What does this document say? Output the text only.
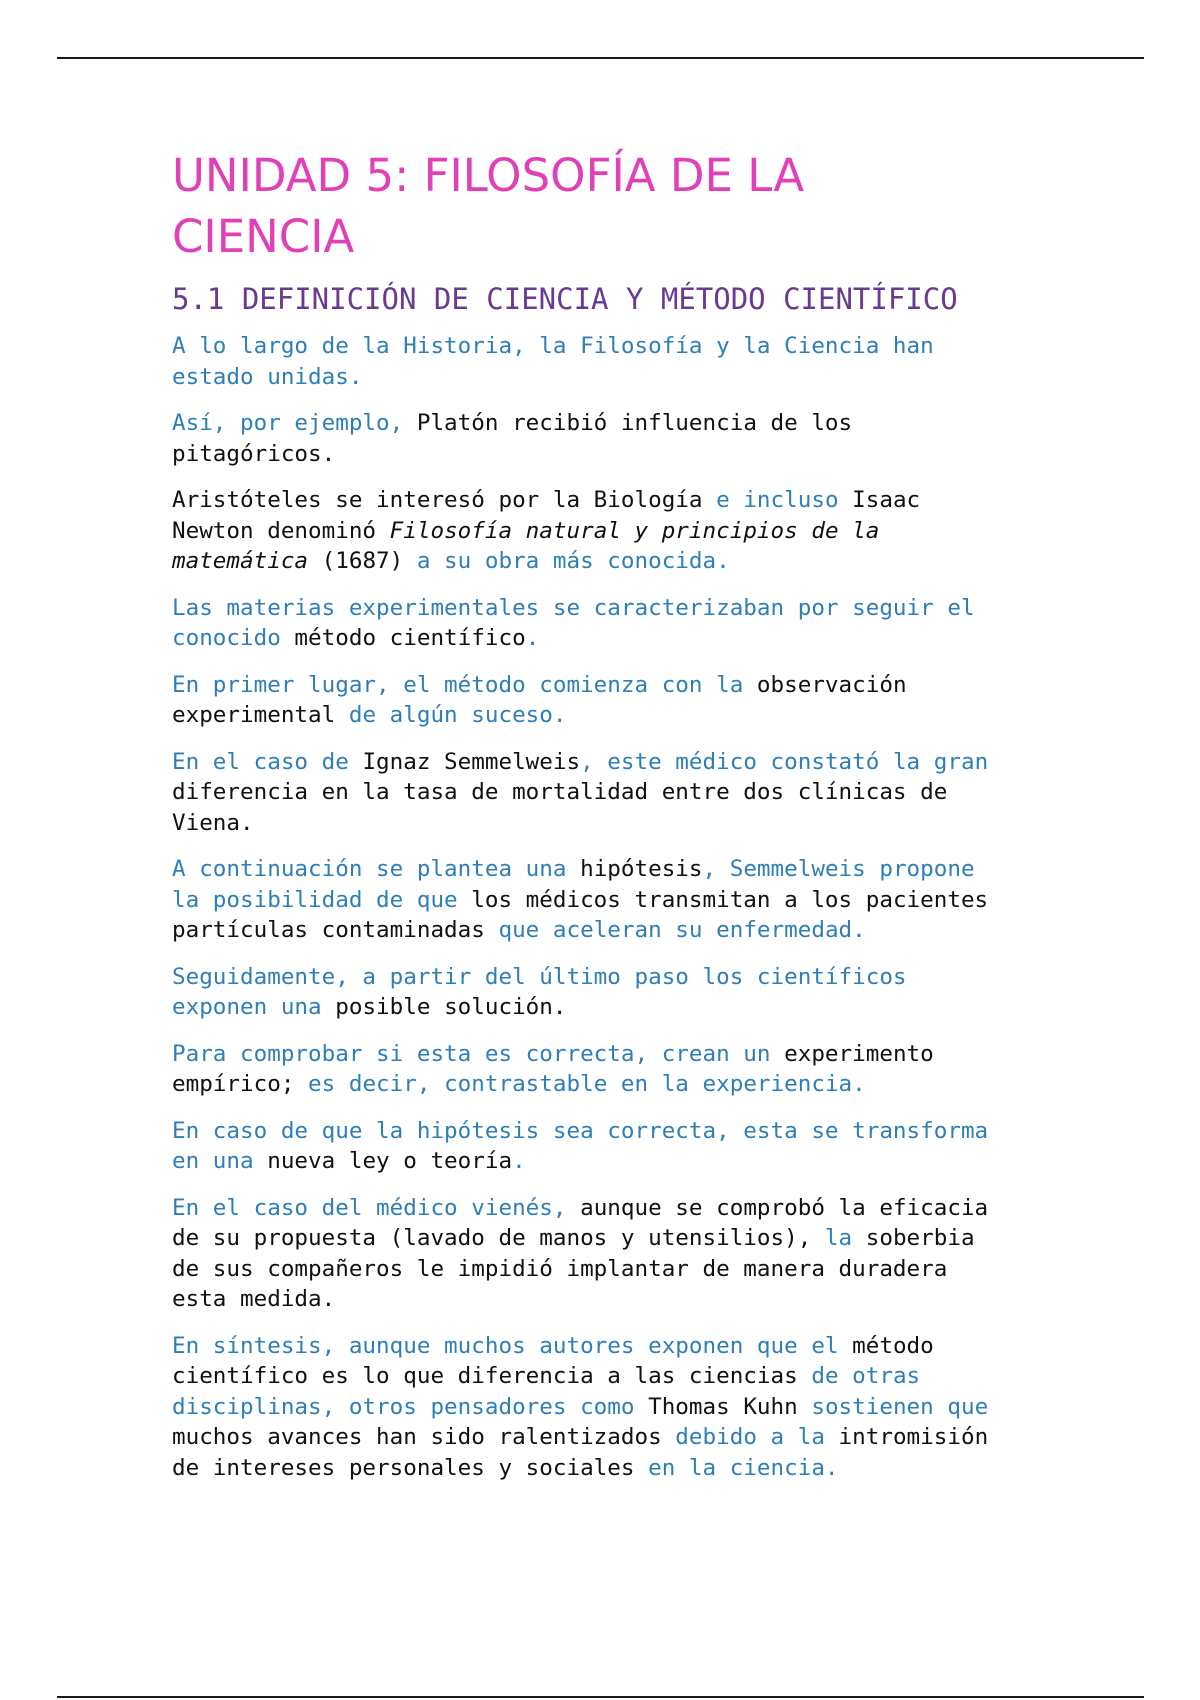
UNIDAD 5: FILOSOFÍA DE LA
CIENCIA
5.1 DEFINICIÓN DE CIENCIA Y MÉTODO CIENTÍFICO

A lo largo de la Historia, la Filosofía y la Ciencia han
estado unidas.

Así, por ejemplo, Platón recibió influencia de los
pitagóricos.

Aristóteles se interesó por la Biología e incluso Isaac
Newton denominó Filosofía natural y principios de la
matemática (1687) a su obra más conocida.

Las materias experimentales se caracterizaban por seguir el
conocido método científico.

En primer lugar, el método comienza con la observación
experimental de algún suceso.

En el caso de Ignaz Semmelweis, este médico constató la gran
diferencia en la tasa de mortalidad entre dos clínicas de
Viena.

A continuación se plantea una hipótesis, Semmelweis propone
la posibilidad de que los médicos transmitan a los pacientes
partículas contaminadas que aceleran su enfermedad.

Seguidamente, a partir del último paso los científicos
exponen una posible solución.

Para comprobar si esta es correcta, crean un experimento
empírico; es decir, contrastable en la experiencia.

En caso de que la hipótesis sea correcta, esta se transforma
en una nueva ley o teoría.

En el caso del médico vienés, aunque se comprobó la eficacia
de su propuesta (lavado de manos y utensilios), la soberbia
de sus compañeros le impidió implantar de manera duradera
esta medida.

En síntesis, aunque muchos autores exponen que el método
científico es lo que diferencia a las ciencias de otras
disciplinas, otros pensadores como Thomas Kuhn sostienen que
muchos avances han sido ralentizados debido a la intromisión
de intereses personales y sociales en la ciencia.
